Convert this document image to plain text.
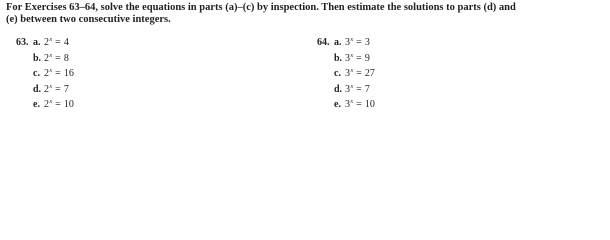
For Exercises 63–64, solve the equations in parts (a)–(c) by inspection. Then estimate the solutions to parts (d) and (e) between two consecutive integers.
63. a. $2^x = 4$
b. $2^x = 8$
c. $2^x = 16$
d. $2^x = 7$
e. $2^x = 10$
64. a. $3^x = 3$
b. $3^x = 9$
c. $3^x = 27$
d. $3^x = 7$
e. $3^x = 10$
